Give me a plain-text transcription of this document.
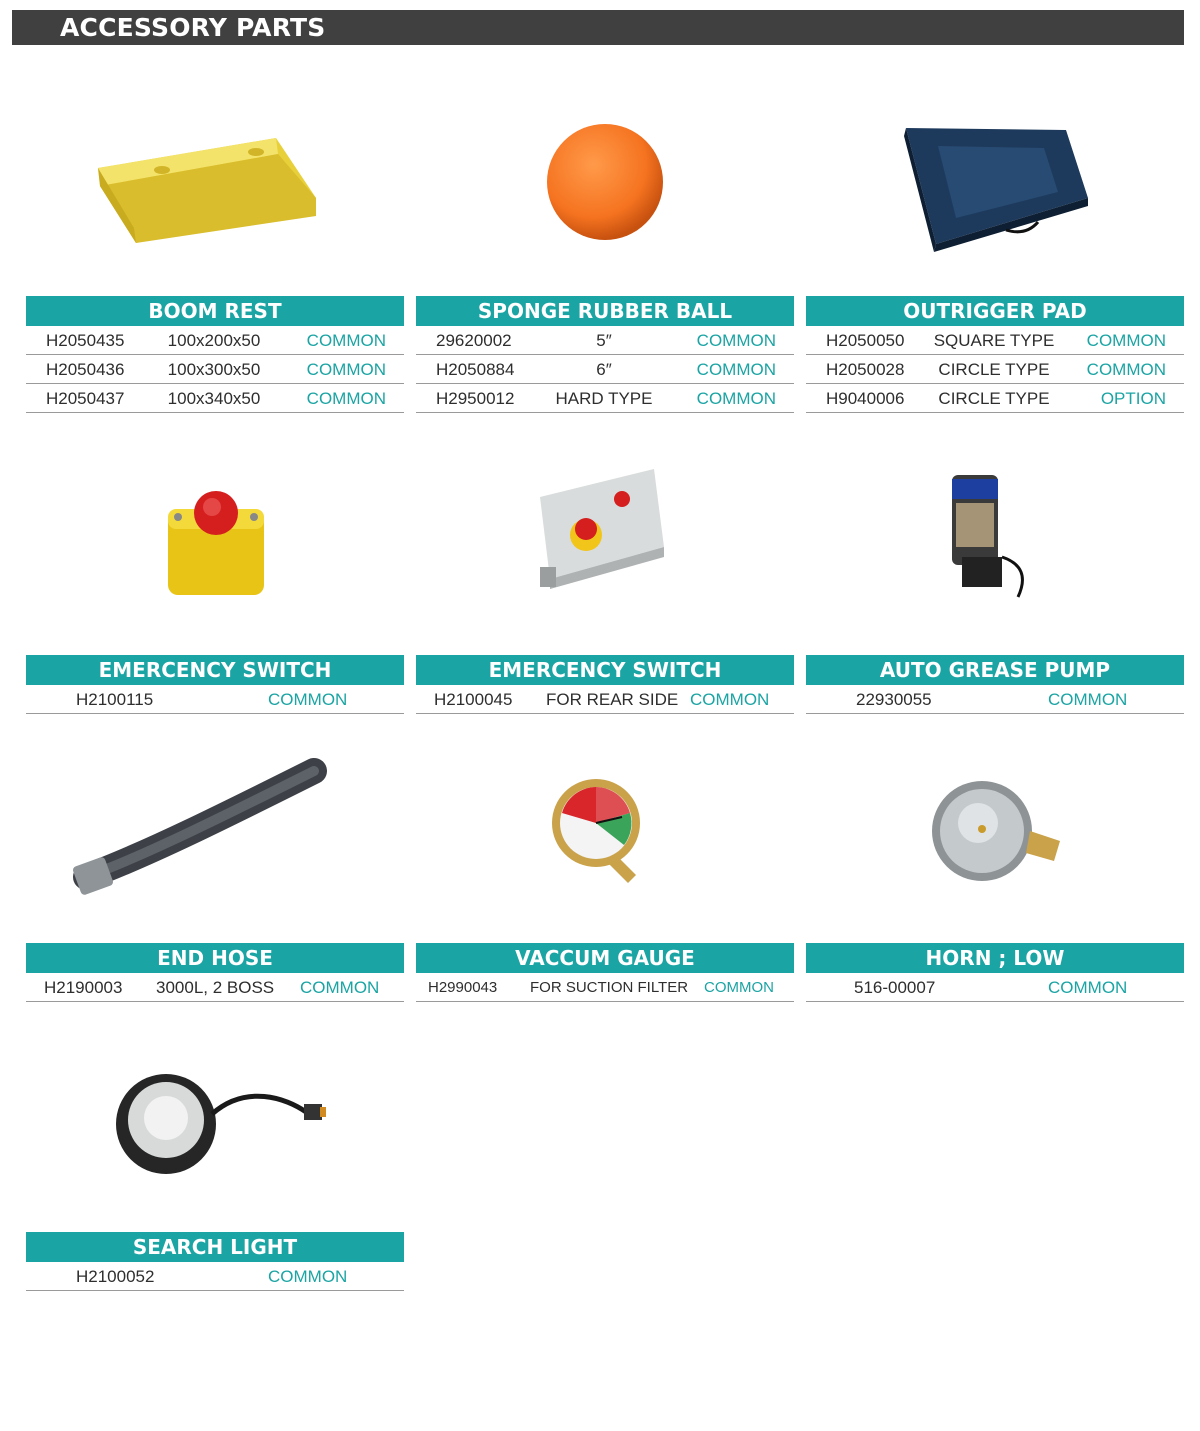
ACCESSORY PARTS
BOOM REST
H2050435	100x200x50	COMMON
H2050436	100x300x50	COMMON
H2050437	100x340x50	COMMON
SPONGE RUBBER BALL
29620002	5″	COMMON
H2050884	6″	COMMON
H2950012 HARD TYPE	COMMON
OUTRIGGER PAD
H2050050 SQUARE TYPE COMMON
H2050028 CIRCLE TYPE COMMON
H9040006 CIRCLE TYPE	OPTION
EMERCENCY SWITCH
H2100115	COMMON
EMERCENCY SWITCH
H2100045 FOR REAR SIDE COMMON
AUTO GREASE PUMP
22930055	COMMON
END HOSE
H2190003 3000L, 2 BOSS COMMON
VACCUM GAUGE
H2990043 FOR SUCTION FILTER COMMON
HORN ; LOW
516-00007	COMMON
SEARCH LIGHT
H2100052	COMMON
